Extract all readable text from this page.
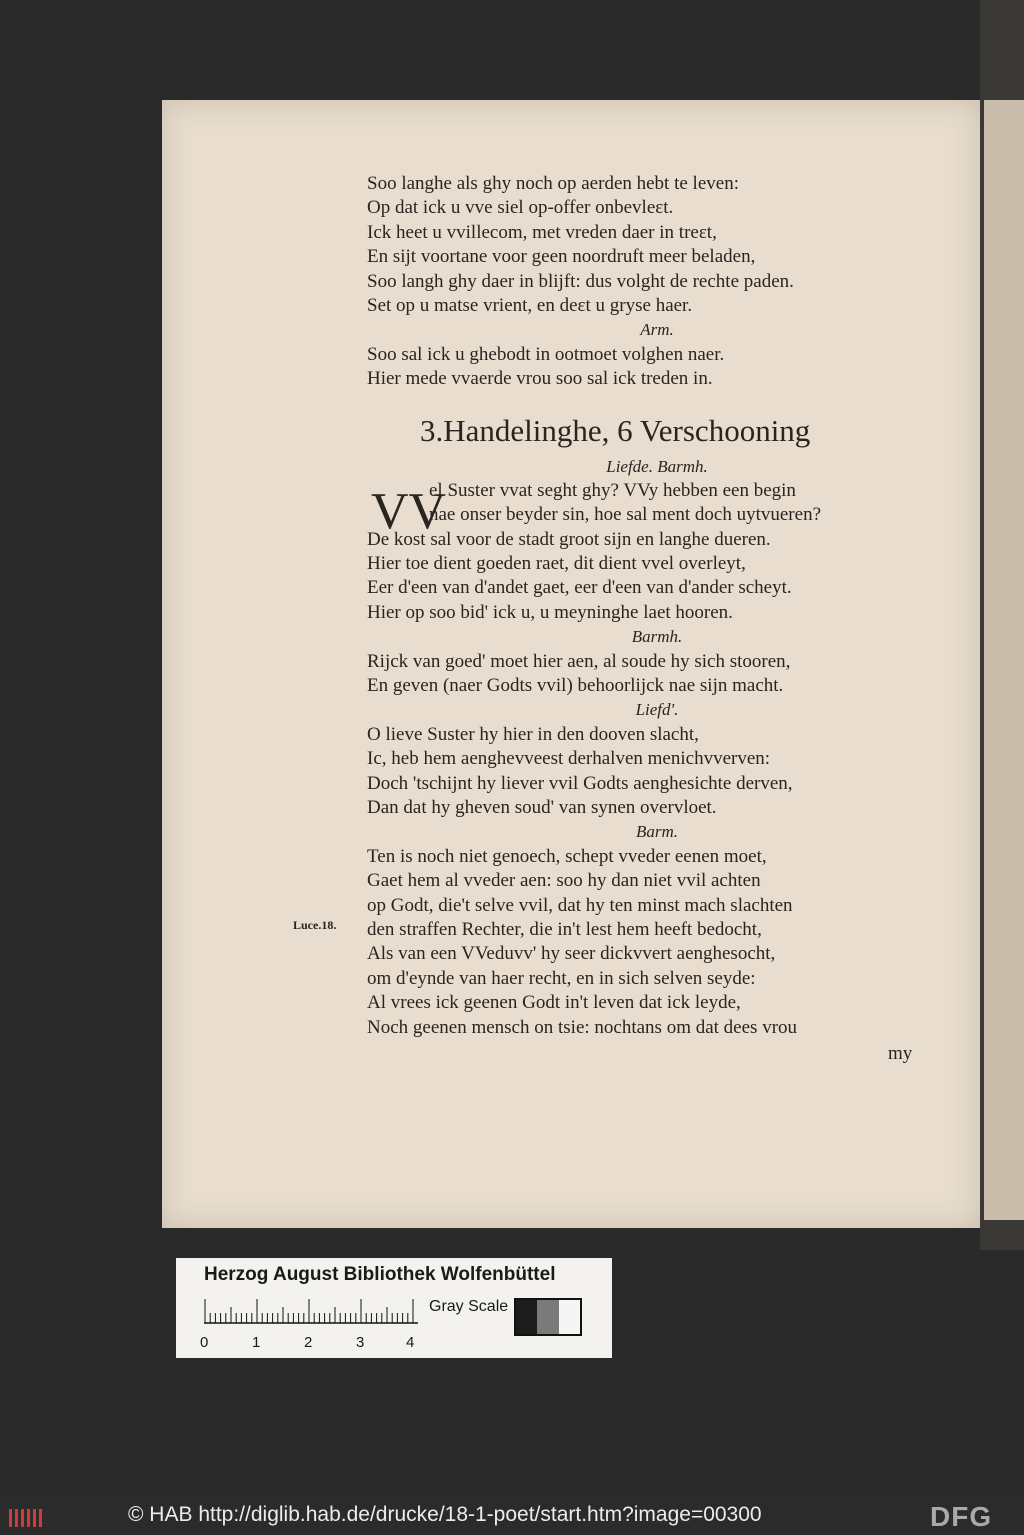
Soo langhe als ghy noch op aerden hebt te leven:
Op dat ick u vve siel op-offer onbevleɛt.
Ick heet u vvillecom, met vreden daer in treɛt,
En sijt voortane voor geen noordruft meer beladen,
Soo langh ghy daer in blijft: dus volght de rechte paden.
Set op u matse vrient, en deɛt u gryse haer.
Arm.
Soo sal ick u ghebodt in ootmoet volghen naer.
Hier mede vvaerde vrou soo sal ick treden in.
Liefde. Barmh.
el Suster vvat seght ghy? VVy hebben een begin
nae onser beyder sin, hoe sal ment doch uytvueren?
De kost sal voor de stadt groot sijn en langhe dueren.
Hier toe dient goeden raet, dit dient vvel overleyt,
Eer d'een van d'andet gaet, eer d'een van d'ander scheyt.
Hier op soo bid' ick u, u meyninghe laet hooren.
Barmh.
Rijck van goed' moet hier aen, al soude hy sich stooren,
En geven (naer Godts vvil) behoorlijck nae sijn macht.
Liefd'.
O lieve Suster hy hier in den dooven slacht,
Ic, heb hem aenghevveest derhalven menichvverven:
Doch 'tschijnt hy liever vvil Godts aenghesichte derven,
Dan dat hy gheven soud' van synen overvloet.
Barm.
Ten is noch niet genoech, schept vveder eenen moet,
Gaet hem al vveder aen: soo hy dan niet vvil achten
op Godt, die't selve vvil, dat hy ten minst mach slachten
den straffen Rechter, die in't lest hem heeft bedocht,
Als van een VVeduvv' hy seer dickvvert aenghesocht,
om d'eynde van haer recht, en in sich selven seyde:
Al vrees ick geenen Godt in't leven dat ick leyde,
Noch geenen mensch on tsie: nochtans om dat dees vrou
3.Handelinghe, 6 Verschooning
VV
Luce.18.
my
Herzog August Bibliothek Wolfenbüttel
0	1	2	3	4
Gray Scale
© HAB http://diglib.hab.de/drucke/18-1-poet/start.htm?image=00300	DFG
